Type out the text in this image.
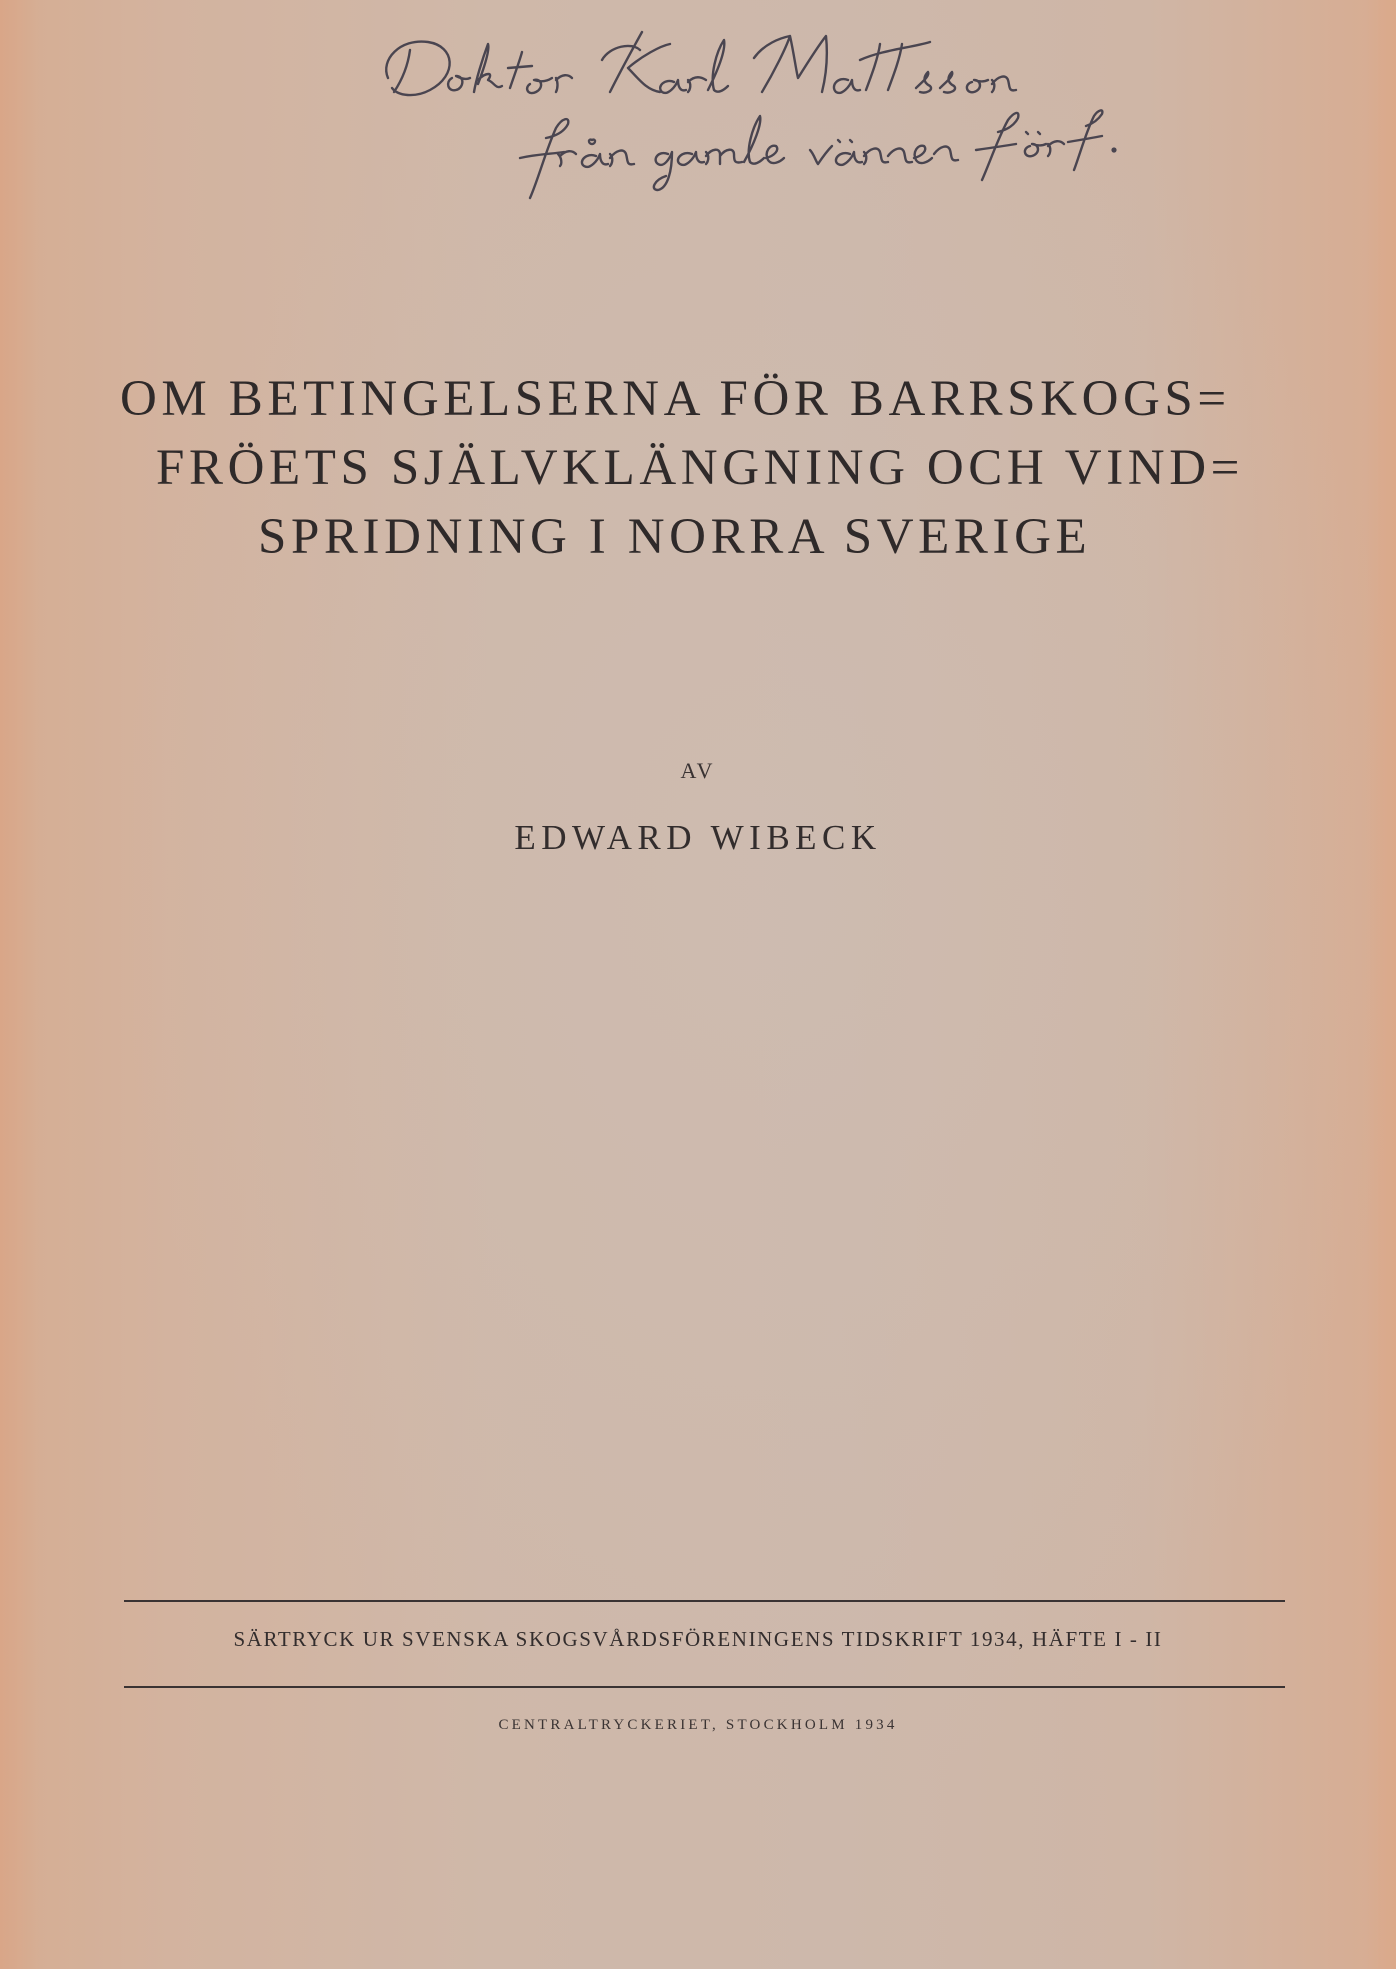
OM BETINGELSERNA FÖR BARRSKOGS=
FRÖETS SJÄLVKLÄNGNING OCH VIND=
SPRIDNING I NORRA SVERIGE
AV
EDWARD WIBECK
SÄRTRYCK UR SVENSKA SKOGSVÅRDSFÖRENINGENS TIDSKRIFT 1934, HÄFTE I - II
CENTRALTRYCKERIET, STOCKHOLM 1934
